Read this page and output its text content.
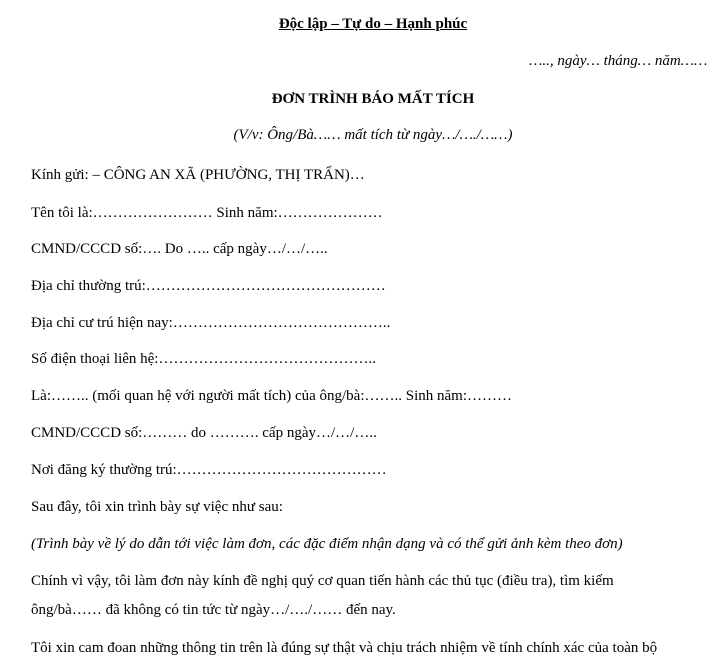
Độc lập – Tự do – Hạnh phúc
….., ngày… tháng… năm……
ĐƠN TRÌNH BÁO MẤT TÍCH
(V/v: Ông/Bà…… mất tích từ ngày…/…./……)
Kính gửi: – CÔNG AN XÃ (PHƯỜNG, THỊ TRẤN)…
Tên tôi là:…………………… Sinh năm:…………………
CMND/CCCD số:…. Do ….. cấp ngày…/…/…..
Địa chỉ thường trú:…………………………………………
Địa chỉ cư trú hiện nay:……………………………………..
Số điện thoại liên hệ:……………………………………..
Là:…….. (mối quan hệ với người mất tích) của ông/bà:…….. Sinh năm:………
CMND/CCCD số:……… do ………. cấp ngày…/…/…..
Nơi đăng ký thường trú:……………………………………
Sau đây, tôi xin trình bày sự việc như sau:
(Trình bày về lý do dẫn tới việc làm đơn, các đặc điểm nhận dạng và có thể gửi ảnh kèm theo đơn)
Chính vì vậy, tôi làm đơn này kính đề nghị quý cơ quan tiến hành các thủ tục (điều tra), tìm kiếm
ông/bà…… đã không có tin tức từ ngày…/…./…… đến nay.
Tôi xin cam đoan những thông tin trên là đúng sự thật và chịu trách nhiệm về tính chính xác của toàn bộ
